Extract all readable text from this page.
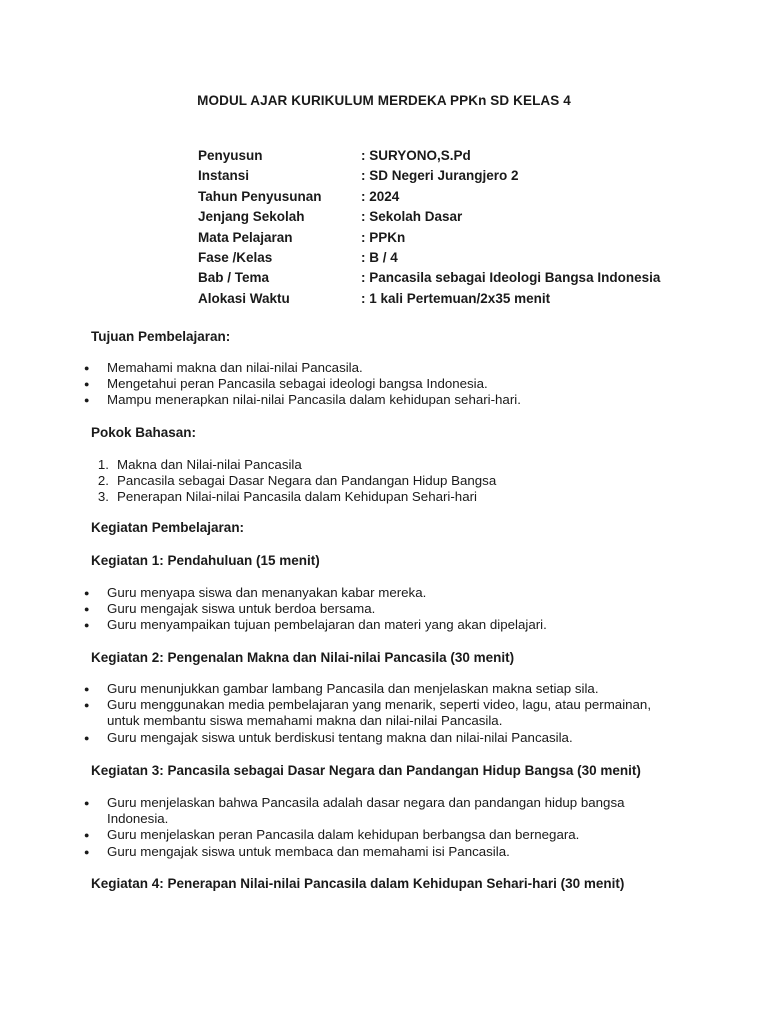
MODUL AJAR KURIKULUM MERDEKA PPKn SD KELAS 4
Penyusun	: SURYONO,S.Pd
Instansi	: SD Negeri Jurangjero 2
Tahun Penyusunan	: 2024
Jenjang Sekolah	: Sekolah Dasar
Mata Pelajaran	: PPKn
Fase /Kelas	: B / 4
Bab / Tema	: Pancasila sebagai Ideologi Bangsa Indonesia
Alokasi Waktu	: 1 kali Pertemuan/2x35 menit
Tujuan Pembelajaran:
● Memahami makna dan nilai-nilai Pancasila.
● Mengetahui peran Pancasila sebagai ideologi bangsa Indonesia.
● Mampu menerapkan nilai-nilai Pancasila dalam kehidupan sehari-hari.
Pokok Bahasan:
1. Makna dan Nilai-nilai Pancasila
2. Pancasila sebagai Dasar Negara dan Pandangan Hidup Bangsa
3. Penerapan Nilai-nilai Pancasila dalam Kehidupan Sehari-hari
Kegiatan Pembelajaran:
Kegiatan 1: Pendahuluan (15 menit)
● Guru menyapa siswa dan menanyakan kabar mereka.
● Guru mengajak siswa untuk berdoa bersama.
● Guru menyampaikan tujuan pembelajaran dan materi yang akan dipelajari.
Kegiatan 2: Pengenalan Makna dan Nilai-nilai Pancasila (30 menit)
● Guru menunjukkan gambar lambang Pancasila dan menjelaskan makna setiap sila.
● Guru menggunakan media pembelajaran yang menarik, seperti video, lagu, atau permainan,
untuk membantu siswa memahami makna dan nilai-nilai Pancasila.
● Guru mengajak siswa untuk berdiskusi tentang makna dan nilai-nilai Pancasila.
Kegiatan 3: Pancasila sebagai Dasar Negara dan Pandangan Hidup Bangsa (30 menit)
● Guru menjelaskan bahwa Pancasila adalah dasar negara dan pandangan hidup bangsa
Indonesia.
● Guru menjelaskan peran Pancasila dalam kehidupan berbangsa dan bernegara.
● Guru mengajak siswa untuk membaca dan memahami isi Pancasila.
Kegiatan 4: Penerapan Nilai-nilai Pancasila dalam Kehidupan Sehari-hari (30 menit)
